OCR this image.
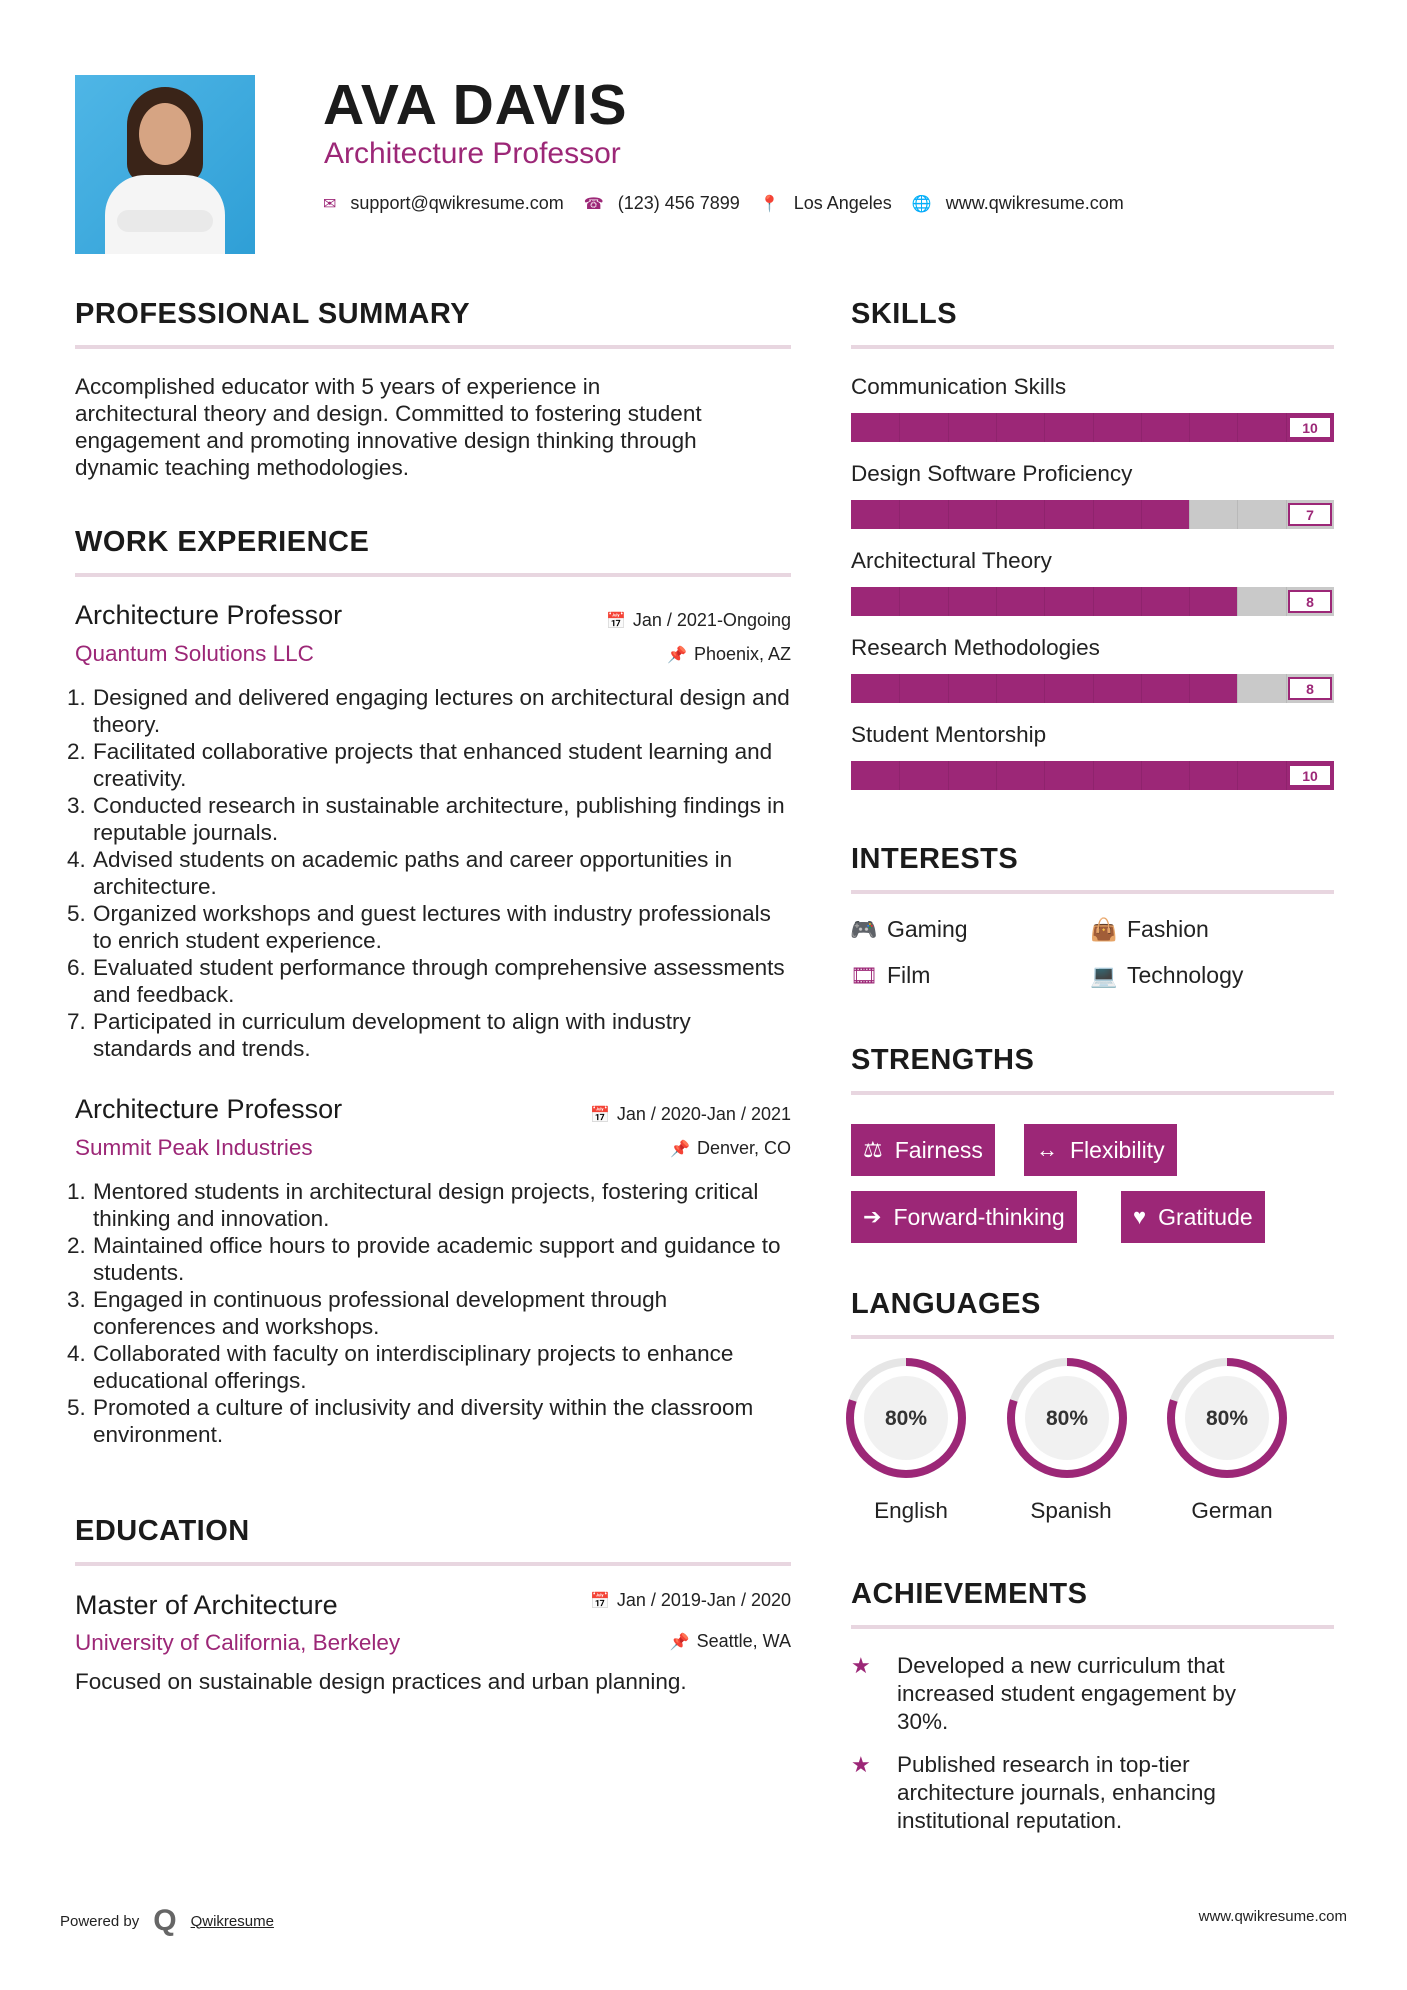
AVA DAVIS
Architecture Professor
✉ support@qwikresume.com ☎ (123) 456 7899 📍 Los Angeles 🌐 www.qwikresume.com
PROFESSIONAL SUMMARY
Accomplished educator with 5 years of experience in architectural theory and design. Committed to fostering student engagement and promoting innovative design thinking through dynamic teaching methodologies.
WORK EXPERIENCE
Architecture Professor	📅 Jan / 2021-Ongoing
Quantum Solutions LLC	📌 Phoenix, AZ
1. Designed and delivered engaging lectures on architectural design and theory.
2. Facilitated collaborative projects that enhanced student learning and creativity.
3. Conducted research in sustainable architecture, publishing findings in reputable journals.
4. Advised students on academic paths and career opportunities in architecture.
5. Organized workshops and guest lectures with industry professionals to enrich student experience.
6. Evaluated student performance through comprehensive assessments and feedback.
7. Participated in curriculum development to align with industry standards and trends.
Architecture Professor	📅 Jan / 2020-Jan / 2021
Summit Peak Industries	📌 Denver, CO
1. Mentored students in architectural design projects, fostering critical thinking and innovation.
2. Maintained office hours to provide academic support and guidance to students.
3. Engaged in continuous professional development through conferences and workshops.
4. Collaborated with faculty on interdisciplinary projects to enhance educational offerings.
5. Promoted a culture of inclusivity and diversity within the classroom environment.
EDUCATION
Master of Architecture	📅 Jan / 2019-Jan / 2020
University of California, Berkeley	📌 Seattle, WA
Focused on sustainable design practices and urban planning.
SKILLS
Communication Skills
10
Design Software Proficiency
7
Architectural Theory
8
Research Methodologies
8
Student Mentorship
10
INTERESTS
🎮 Gaming	👜 Fashion
🎞 Film	💻 Technology
STRENGTHS
⚖ Fairness ↔ Flexibility
➔ Forward-thinking	♥ Gratitude
LANGUAGES
80%	80%	80%
English	Spanish	German
ACHIEVEMENTS
★	Developed a new curriculum that increased student engagement by 30%.
★	Published research in top-tier architecture journals, enhancing institutional reputation.
Powered by Q Qwikresume	www.qwikresume.com
